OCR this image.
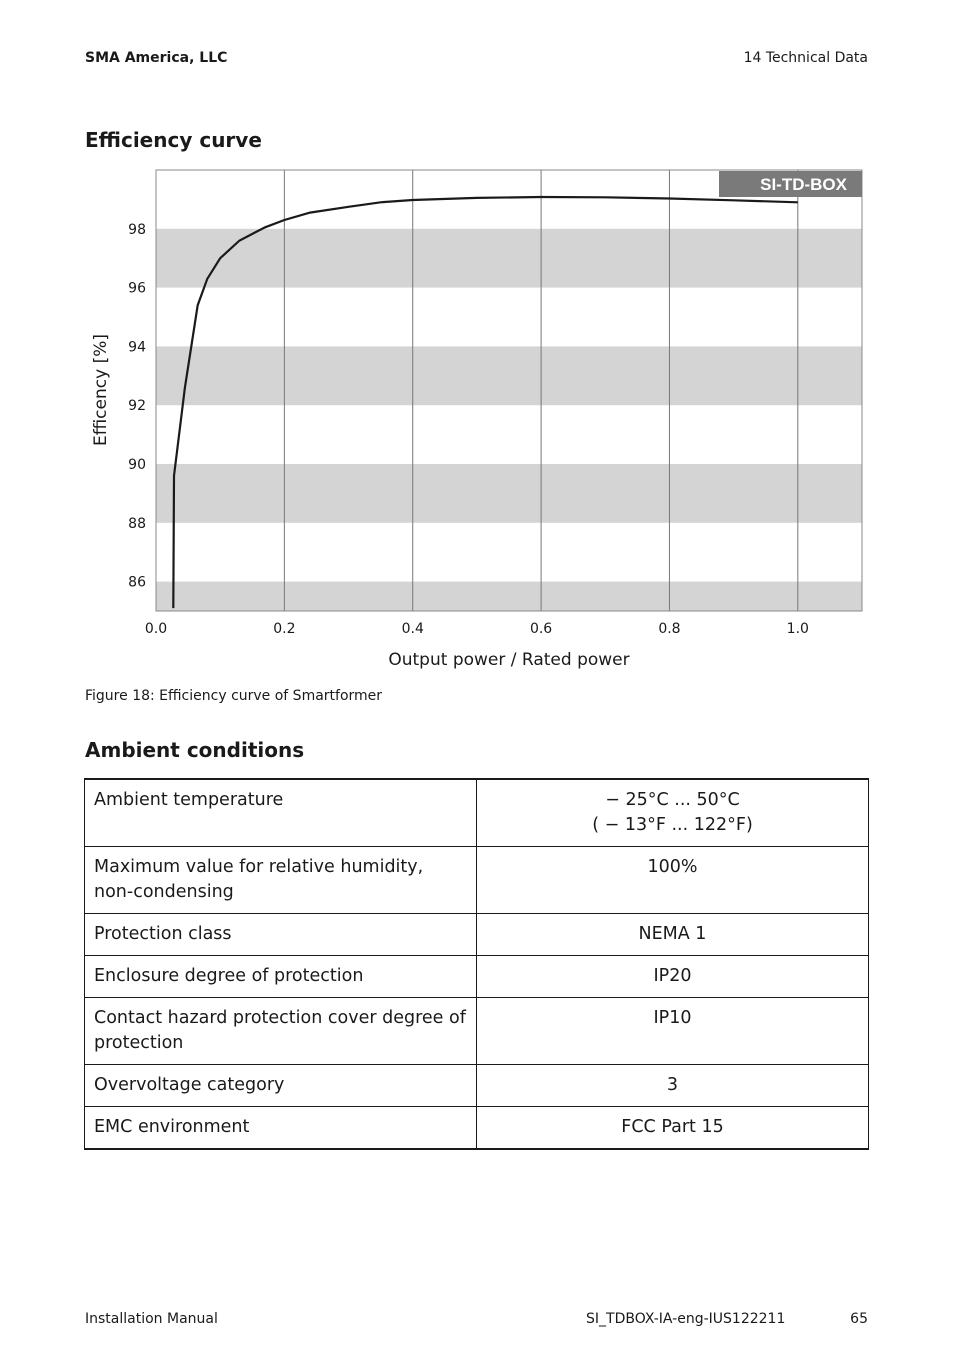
SMA America, LLC	14 Technical Data
Efficiency curve
86
88
90
92
94
96
98
0.0	0.2	0.4	0.6	0.8	1.0
SI-TD-BOX
Output power / Rated power
Efficency [%]
Figure 18: Efficiency curve of Smartformer
Ambient conditions
Ambient temperature	− 25°C ... 50°C
( − 13°F ... 122°F)
Maximum value for relative humidity, non-condensing	100%
Protection class	NEMA 1
Enclosure degree of protection	IP20
Contact hazard protection cover degree of protection	IP10
Overvoltage category	3
EMC environment	FCC Part 15
Installation Manual	SI_TDBOX-IA-eng-IUS122211	65
